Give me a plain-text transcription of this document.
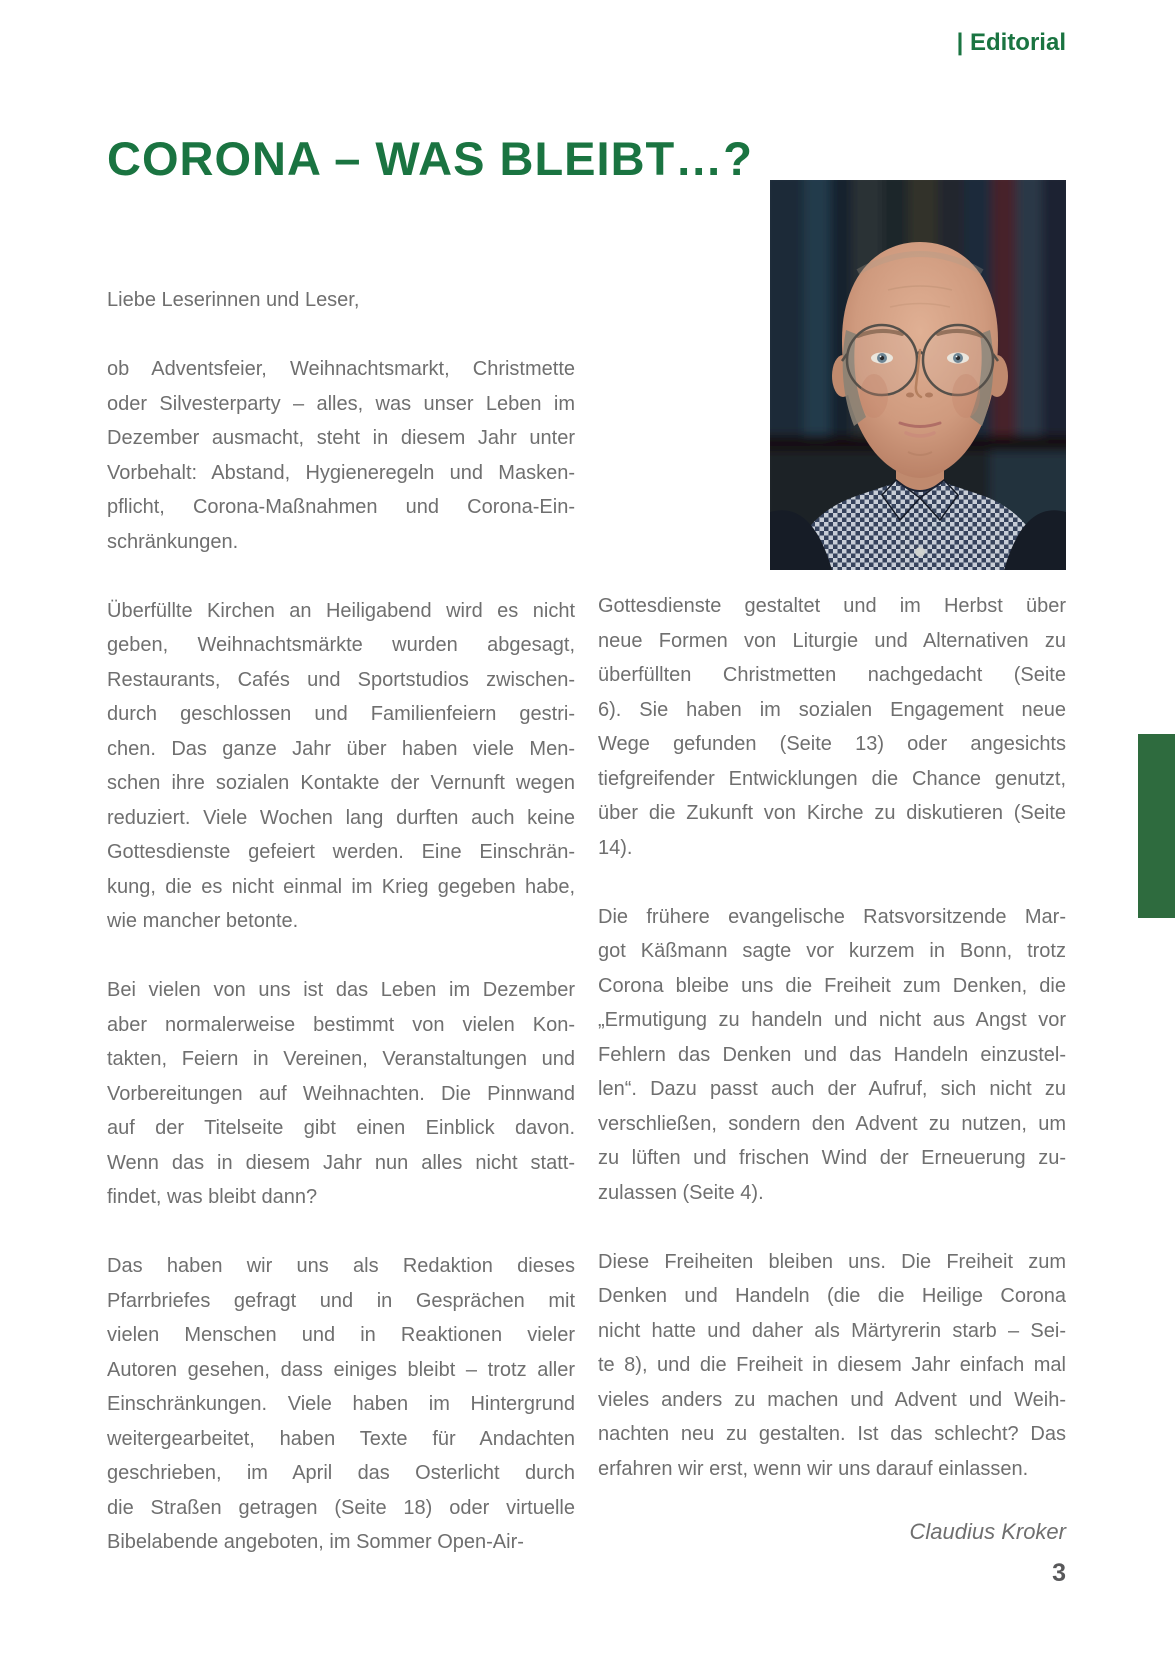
| Editorial
CORONA – WAS BLEIBT…?
Liebe Leserinnen und Leser,
ob Adventsfeier, Weihnachtsmarkt, Christmette
oder Silvesterparty – alles, was unser Leben im
Dezember ausmacht, steht in diesem Jahr unter
Vorbehalt: Abstand, Hygieneregeln und Masken-
pflicht, Corona-Maßnahmen und Corona-Ein-
schränkungen.
Überfüllte Kirchen an Heiligabend wird es nicht
geben, Weihnachtsmärkte wurden abgesagt,
Restaurants, Cafés und Sportstudios zwischen-
durch geschlossen und Familienfeiern gestri-
chen. Das ganze Jahr über haben viele Men-
schen ihre sozialen Kontakte der Vernunft wegen
reduziert. Viele Wochen lang durften auch keine
Gottesdienste gefeiert werden. Eine Einschrän-
kung, die es nicht einmal im Krieg gegeben habe,
wie mancher betonte.
Bei vielen von uns ist das Leben im Dezember
aber normalerweise bestimmt von vielen Kon-
takten, Feiern in Vereinen, Veranstaltungen und
Vorbereitungen auf Weihnachten. Die Pinnwand
auf der Titelseite gibt einen Einblick davon.
Wenn das in diesem Jahr nun alles nicht statt-
findet, was bleibt dann?
Das haben wir uns als Redaktion dieses
Pfarrbriefes gefragt und in Gesprächen mit
vielen Menschen und in Reaktionen vieler
Autoren gesehen, dass einiges bleibt – trotz aller
Einschränkungen. Viele haben im Hintergrund
weitergearbeitet, haben Texte für Andachten
geschrieben, im April das Osterlicht durch
die Straßen getragen (Seite 18) oder virtuelle
Bibelabende angeboten, im Sommer Open-Air-
Gottesdienste gestaltet und im Herbst über
neue Formen von Liturgie und Alternativen zu
überfüllten Christmetten nachgedacht (Seite
6). Sie haben im sozialen Engagement neue
Wege gefunden (Seite 13) oder angesichts
tiefgreifender Entwicklungen die Chance genutzt,
über die Zukunft von Kirche zu diskutieren (Seite
14).
Die frühere evangelische Ratsvorsitzende Mar-
got Käßmann sagte vor kurzem in Bonn, trotz
Corona bleibe uns die Freiheit zum Denken, die
„Ermutigung zu handeln und nicht aus Angst vor
Fehlern das Denken und das Handeln einzustel-
len“. Dazu passt auch der Aufruf, sich nicht zu
verschließen, sondern den Advent zu nutzen, um
zu lüften und frischen Wind der Erneuerung zu-
zulassen (Seite 4).
Diese Freiheiten bleiben uns. Die Freiheit zum
Denken und Handeln (die die Heilige Corona
nicht hatte und daher als Märtyrerin starb – Sei-
te 8), und die Freiheit in diesem Jahr einfach mal
vieles anders zu machen und Advent und Weih-
nachten neu zu gestalten. Ist das schlecht? Das
erfahren wir erst, wenn wir uns darauf einlassen.
Claudius Kroker
3
